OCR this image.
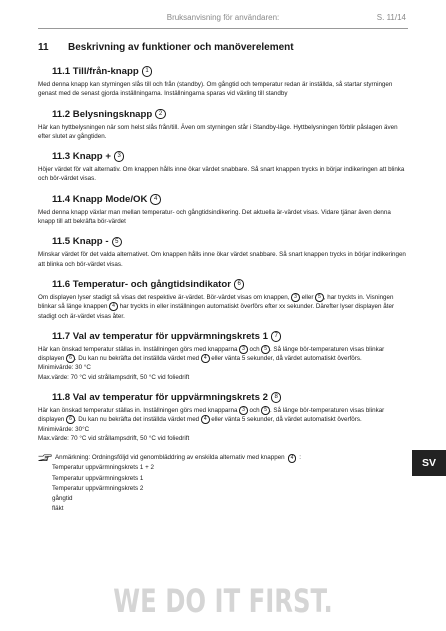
Bruksanvisning för användaren:	S. 11/14
11	Beskrivning av funktioner och manöverelement
11.1 Till/från-knapp	1

Med denna knapp kan styrningen slås till och från (standby). Om gångtid och temperatur redan är inställda, så startar styrningen genast med de senast gjorda inställningarna. Inställningarna sparas vid växling till standby

11.2 Belysningsknapp	2

Här kan hyttbelysningen när som helst slås från/till. Även om styrningen står i Standby-läge. Hyttbelysningen förblir påslagen även efter slutet av gångtiden.

11.3 Knapp +	3

Höjer värdet för valt alternativ. Om knappen hålls inne ökar värdet snabbare. Så snart knappen trycks in börjar indikeringen att blinka och bör-värdet visas.

11.4 Knapp Mode/OK	4

Med denna knapp växlar man mellan temperatur- och gångtidsindikering. Det aktuella är-värdet visas. Vidare tjänar även denna knapp till att bekräfta bör-värdet

11.5 Knapp -	5

Minskar värdet för det valda alternativet. Om knappen hålls inne ökar värdet snabbare. Så snart knappen trycks in börjar indikeringen att blinka och bör-värdet visas.

11.6 Temperatur- och gångtidsindikator	6

Om displayen lyser stadigt så visas det respektive är-värdet. Bör-värdet visas om knappen, 3 eller 5 , har tryckts in. Visningen blinkar så länge knappen 4 har tryckts in eller inställningen automatiskt överförs efter xx sekunder. Därefter lyser displayen åter stadigt och är-värdet visas åter.

11.7 Val av temperatur för uppvärmningskrets 1	7

Här kan önskad temperatur ställas in. Inställningen görs med knapparna 3 och 5 . Så länge bör-temperaturen visas blinkar displayen 6 . Du kan nu bekräfta det inställda värdet med 4 eller vänta 5 sekunder, då värdet automatiskt överförs.
Minimivärde: 30 °C
Max.värde: 70 °C vid strållampsdrift, 50 °C vid foliedrift

11.8 Val av temperatur för uppvärmningskrets 2	8

Här kan önskad temperatur ställas in. Inställningen görs med knapparna 3 och 5 . Så länge bör-temperaturen visas blinkar displayen 6 . Du kan nu bekräfta det inställda värdet med 4 eller vänta 5 sekunder, då värdet automatiskt överförs.
Minimivärde: 30°C
Max.värde: 70 °C vid strållampsdrift, 50 °C vid foliedrift

Anmärkning: Ordningsföljd vid genombläddring av enskilda alternativ med knappen	4 :
Temperatur uppvärmningskrets 1 + 2
Temperatur uppvärmningskrets 1
Temperatur uppvärmningskrets 2
gångtid
fläkt
SV
WE DO IT FIRST.
